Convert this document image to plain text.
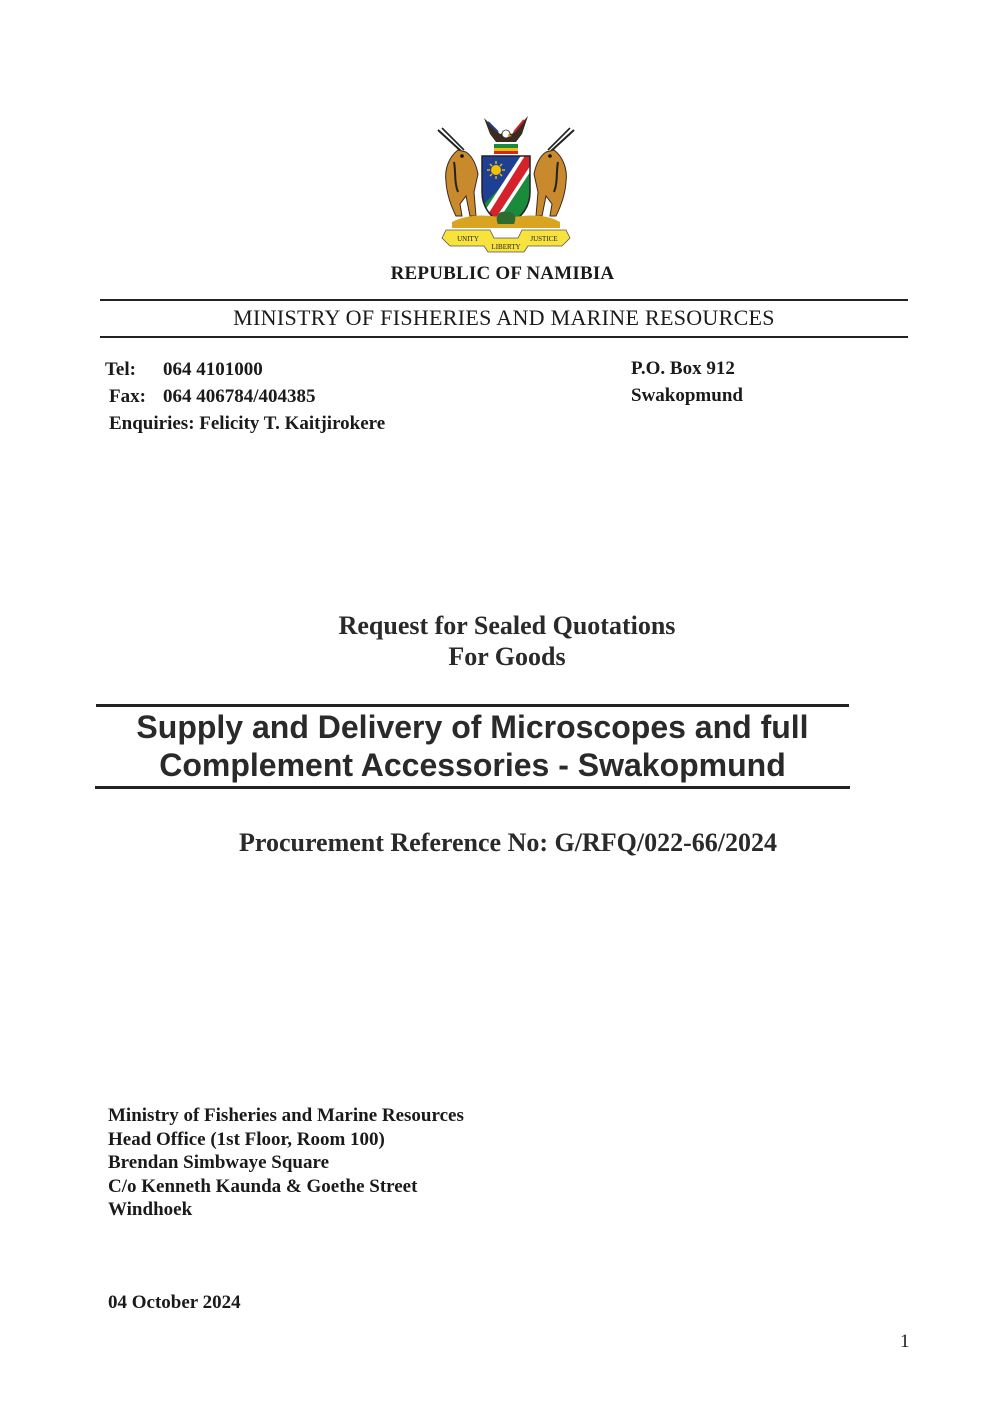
UNITY
LIBERTY
JUSTICE
REPUBLIC OF NAMIBIA
MINISTRY OF FISHERIES AND MARINE RESOURCES
Tel: 064 4101000
Fax: 064 406784/404385
Enquiries: Felicity T. Kaitjirokere
P.O. Box 912
Swakopmund
Request for Sealed Quotations
For Goods
Supply and Delivery of Microscopes and full
Complement Accessories - Swakopmund
Procurement Reference No: G/RFQ/022-66/2024
Ministry of Fisheries and Marine Resources
Head Office (1st Floor, Room 100)
Brendan Simbwaye Square
C/o Kenneth Kaunda & Goethe Street
Windhoek
04 October 2024
1
